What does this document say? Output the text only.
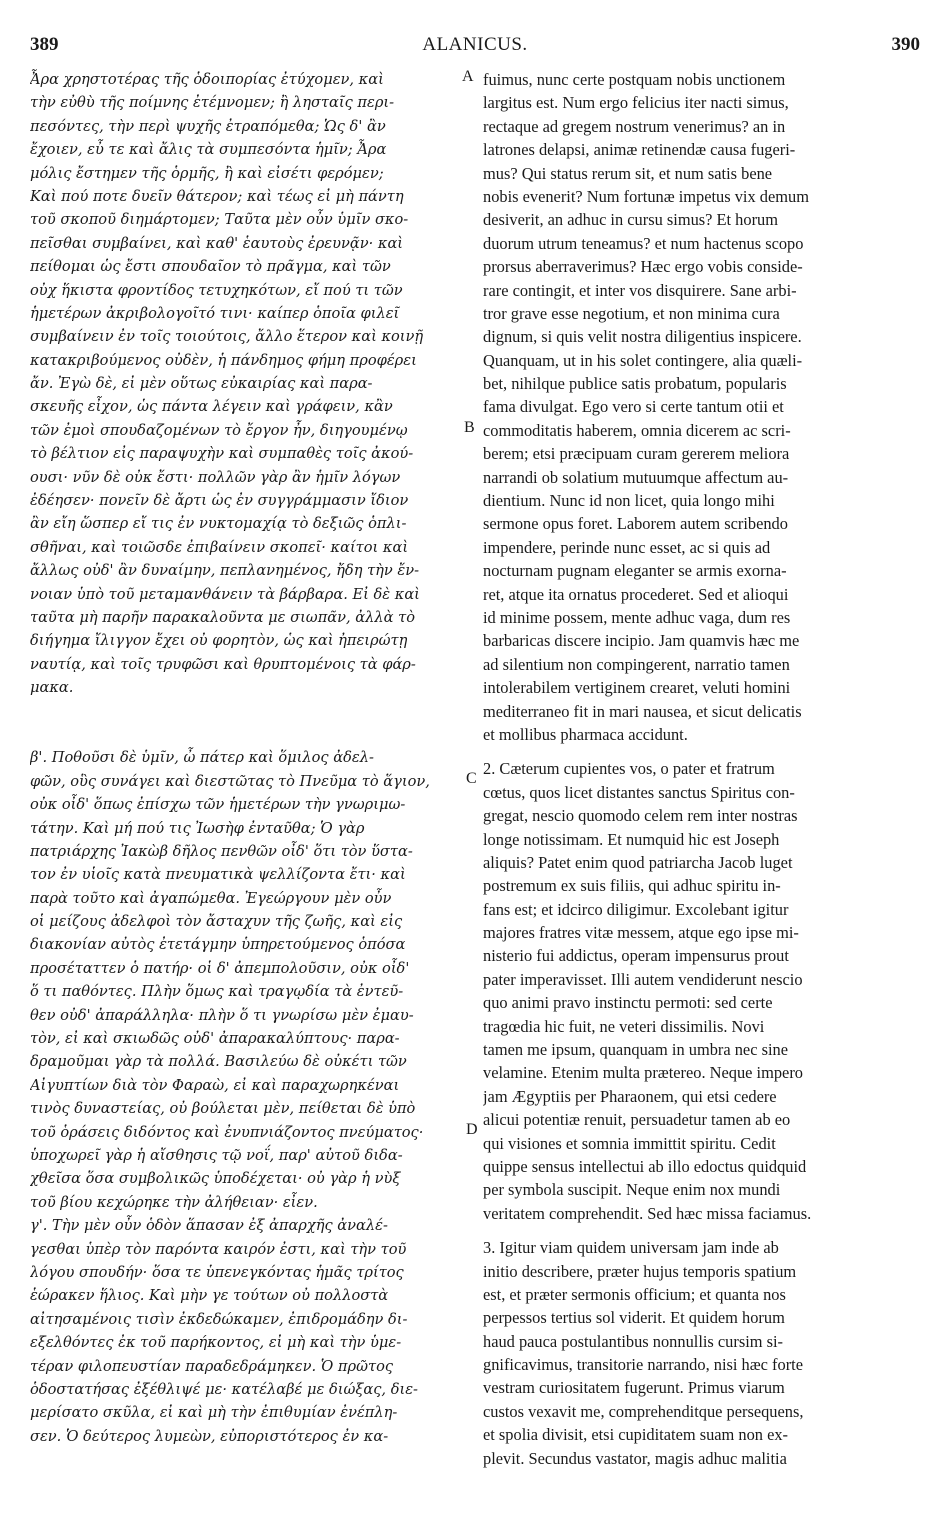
389	ALANICUS.	390
A
B
C
D
Ἆρα χρηστοτέρας τῆς ὁδοιπορίας ἐτύχομεν, καὶ
τὴν εὐθὺ τῆς ποίμνης ἐτέμνομεν; ἢ λησταῖς περι-
πεσόντες, τὴν περὶ ψυχῆς ἐτραπόμεθα; Ὡς δ' ἂν
ἔχοιεν, εὖ τε καὶ ἄλις τὰ συμπεσόντα ἡμῖν; Ἆρα
μόλις ἔστημεν τῆς ὁρμῆς, ἢ καὶ εἰσέτι φερόμεν;
Καὶ πού ποτε δυεῖν θάτερον; καὶ τέως εἰ μὴ πάντη
τοῦ σκοποῦ διημάρτομεν; Ταῦτα μὲν οὖν ὑμῖν σκο-
πεῖσθαι συμβαίνει, καὶ καθ' ἑαυτοὺς ἐρευνᾷν· καὶ
πείθομαι ὡς ἔστι σπουδαῖον τὸ πρᾶγμα, καὶ τῶν
οὐχ ἥκιστα φροντίδος τετυχηκότων, εἴ πού τι τῶν
ἡμετέρων ἀκριβολογοῖτό τινι· καίπερ ὁποῖα φιλεῖ
συμβαίνειν ἐν τοῖς τοιούτοις, ἄλλο ἕτερον καὶ κοινῇ
κατακριβούμενος οὐδὲν, ἡ πάνδημος φήμη προφέρει
ἄν. Ἐγὼ δὲ, εἰ μὲν οὕτως εὐκαιρίας καὶ παρα-
σκευῆς εἶχον, ὡς πάντα λέγειν καὶ γράφειν, κἂν
τῶν ἐμοὶ σπουδαζομένων τὸ ἔργον ἦν, διηγουμένῳ
τὸ βέλτιον εἰς παραψυχὴν καὶ συμπαθὲς τοῖς ἀκού-
ουσι· νῦν δὲ οὐκ ἔστι· πολλῶν γὰρ ἂν ἡμῖν λόγων
ἐδέησεν· πονεῖν δὲ ἄρτι ὡς ἐν συγγράμμασιν ἴδιον
ἂν εἴη ὥσπερ εἴ τις ἐν νυκτομαχίᾳ τὸ δεξιῶς ὁπλι-
σθῆναι, καὶ τοιῶσδε ἐπιβαίνειν σκοπεῖ· καίτοι καὶ
ἄλλως οὐδ' ἂν δυναίμην, πεπλανημένος, ἤδη τὴν ἔν-
νοιαν ὑπὸ τοῦ μεταμανθάνειν τὰ βάρβαρα. Εἰ δὲ καὶ
ταῦτα μὴ παρῆν παρακαλοῦντα με σιωπᾶν, ἀλλὰ τὸ
διήγημα ἴλιγγον ἔχει οὐ φορητὸν, ὡς καὶ ἠπειρώτῃ
ναυτίᾳ, καὶ τοῖς τρυφῶσι καὶ θρυπτομένοις τὰ φάρ-
μακα.
β'. Ποθοῦσι δὲ ὑμῖν, ὦ πάτερ καὶ ὅμιλος ἀδελ-
φῶν, οὓς συνάγει καὶ διεστῶτας τὸ Πνεῦμα τὸ ἅγιον,
οὐκ οἶδ' ὅπως ἐπίσχω τῶν ἡμετέρων τὴν γνωριμω-
τάτην. Καὶ μή πού τις Ἰωσὴφ ἐνταῦθα; Ὁ γὰρ
πατριάρχης Ἰακὼβ δῆλος πενθῶν οἶδ' ὅτι τὸν ὕστα-
τον ἐν υἱοῖς κατὰ πνευματικὰ ψελλίζοντα ἔτι· καὶ
παρὰ τοῦτο καὶ ἀγαπώμεθα. Ἐγεώργουν μὲν οὖν
οἱ μείζους ἀδελφοὶ τὸν ἄσταχυν τῆς ζωῆς, καὶ εἰς
διακονίαν αὐτὸς ἐτετάγμην ὑπηρετούμενος ὁπόσα
προσέταττεν ὁ πατήρ· οἱ δ' ἀπεμπολοῦσιν, οὐκ οἶδ'
ὅ τι παθόντες. Πλὴν ὅμως καὶ τραγῳδία τὰ ἐντεῦ-
θεν οὐδ' ἀπαράλληλα· πλὴν ὅ τι γνωρίσω μὲν ἐμαυ-
τὸν, εἰ καὶ σκιωδῶς οὐδ' ἀπαρακαλύπτους· παρα-
δραμοῦμαι γὰρ τὰ πολλά. Βασιλεύω δὲ οὐκέτι τῶν
Αἰγυπτίων διὰ τὸν Φαραὼ, εἰ καὶ παραχωρηκέναι
τινὸς δυναστείας, οὐ βούλεται μὲν, πείθεται δὲ ὑπὸ
τοῦ ὁράσεις διδόντος καὶ ἐνυπνιάζοντος πνεύματος·
ὑποχωρεῖ γὰρ ἡ αἴσθησις τῷ νοΐ, παρ' αὐτοῦ διδα-
χθεῖσα ὅσα συμβολικῶς ὑποδέχεται· οὐ γὰρ ἡ νὺξ
τοῦ βίου κεχώρηκε τὴν ἀλήθειαν· εἶεν.
γ'. Τὴν μὲν οὖν ὁδὸν ἅπασαν ἐξ ἀπαρχῆς ἀναλέ-
γεσθαι ὑπὲρ τὸν παρόντα καιρόν ἐστι, καὶ τὴν τοῦ
λόγου σπουδήν· ὅσα τε ὑπενεγκόντας ἡμᾶς τρίτος
ἑώρακεν ἥλιος. Καὶ μὴν γε τούτων οὐ πολλοστὰ
αἰτησαμένοις τισὶν ἐκδεδώκαμεν, ἐπιδρομάδην δι-
εξελθόντες ἐκ τοῦ παρήκοντος, εἰ μὴ καὶ τὴν ὑμε-
τέραν φιλοπευστίαν παραδεδράμηκεν. Ὁ πρῶτος
ὁδοστατήσας ἐξέθλιψέ με· κατέλαβέ με διώξας, διε-
μερίσατο σκῦλα, εἰ καὶ μὴ τὴν ἐπιθυμίαν ἐνέπλη-
σεν. Ὁ δεύτερος λυμεὼν, εὐποριστότερος ἐν κα-
fuimus, nunc certe postquam nobis unctionem
largitus est. Num ergo felicius iter nacti simus,
rectaque ad gregem nostrum venerimus? an in
latrones delapsi, animæ retinendæ causa fugeri-
mus? Qui status rerum sit, et num satis bene
nobis evenerit? Num fortunæ impetus vix demum
desiverit, an adhuc in cursu simus? Et horum
duorum utrum teneamus? et num hactenus scopo
prorsus aberraverimus? Hæc ergo vobis conside-
rare contingit, et inter vos disquirere. Sane arbi-
tror grave esse negotium, et non minima cura
dignum, si quis velit nostra diligentius inspicere.
Quanquam, ut in his solet contingere, alia quæli-
bet, nihilque publice satis probatum, popularis
fama divulgat. Ego vero si certe tantum otii et
commoditatis haberem, omnia dicerem ac scri-
berem; etsi præcipuam curam gererem meliora
narrandi ob solatium mutuumque affectum au-
dientium. Nunc id non licet, quia longo mihi
sermone opus foret. Laborem autem scribendo
impendere, perinde nunc esset, ac si quis ad
nocturnam pugnam eleganter se armis exorna-
ret, atque ita ornatus procederet. Sed et alioqui
id minime possem, mente adhuc vaga, dum res
barbaricas discere incipio. Jam quamvis hæc me
ad silentium non compingerent, narratio tamen
intolerabilem vertiginem crearet, veluti homini
mediterraneo fit in mari nausea, et sicut delicatis
et mollibus pharmaca accidunt.
2. Cæterum cupientes vos, o pater et fratrum
cœtus, quos licet distantes sanctus Spiritus con-
gregat, nescio quomodo celem rem inter nostras
longe notissimam. Et numquid hic est Joseph
aliquis? Patet enim quod patriarcha Jacob luget
postremum ex suis filiis, qui adhuc spiritu in-
fans est; et idcirco diligimur. Excolebant igitur
majores fratres vitæ messem, atque ego ipse mi-
nisterio fui addictus, operam impensurus prout
pater imperavisset. Illi autem vendiderunt nescio
quo animi pravo instinctu permoti: sed certe
tragœdia hic fuit, ne veteri dissimilis. Novi
tamen me ipsum, quanquam in umbra nec sine
velamine. Etenim multa prætereo. Neque impero
jam Ægyptiis per Pharaonem, qui etsi cedere
alicui potentiæ renuit, persuadetur tamen ab eo
qui visiones et somnia immittit spiritu. Cedit
quippe sensus intellectui ab illo edoctus quidquid
per symbola suscipit. Neque enim nox mundi
veritatem comprehendit. Sed hæc missa faciamus.
3. Igitur viam quidem universam jam inde ab
initio describere, præter hujus temporis spatium
est, et præter sermonis officium; et quanta nos
perpessos tertius sol viderit. Et quidem horum
haud pauca postulantibus nonnullis cursim si-
gnificavimus, transitorie narrando, nisi hæc forte
vestram curiositatem fugerunt. Primus viarum
custos vexavit me, comprehenditque persequens,
et spolia divisit, etsi cupiditatem suam non ex-
plevit. Secundus vastator, magis adhuc malitia
